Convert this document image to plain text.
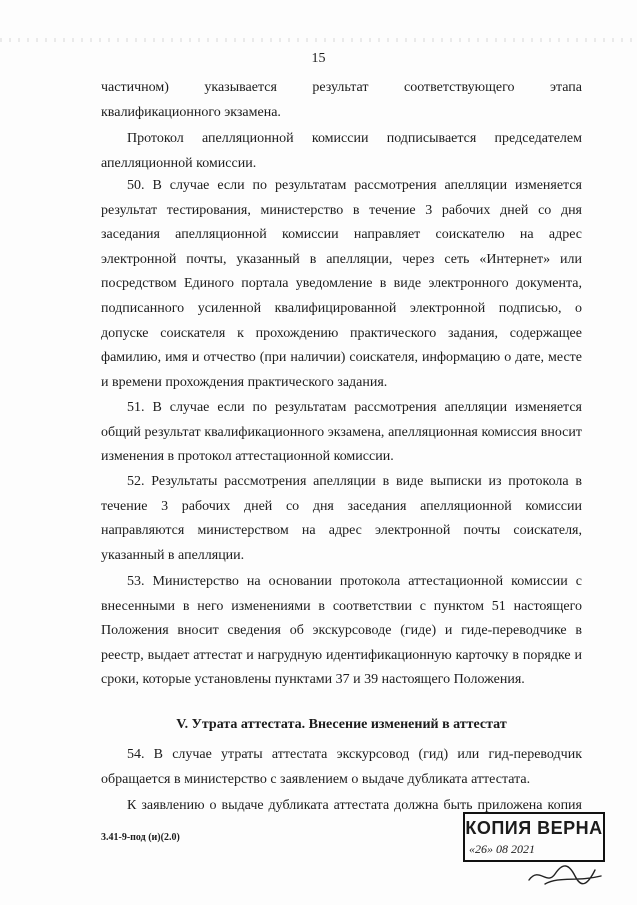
15

частичном) указывается результат соответствующего этапа

квалификационного экзамена.

Протокол апелляционной комиссии подписывается председателем апелляционной комиссии.

50. В случае если по результатам рассмотрения апелляции изменяется результат тестирования, министерство в течение 3 рабочих дней со дня заседания апелляционной комиссии направляет соискателю на адрес электронной почты, указанный в апелляции, через сеть «Интернет» или посредством Единого портала уведомление в виде электронного документа, подписанного усиленной квалифицированной электронной подписью, о допуске соискателя к прохождению практического задания, содержащее фамилию, имя и отчество (при наличии) соискателя, информацию о дате, месте и времени прохождения практического задания.

51. В случае если по результатам рассмотрения апелляции изменяется общий результат квалификационного экзамена, апелляционная комиссия вносит изменения в протокол аттестационной комиссии.

52. Результаты рассмотрения апелляции в виде выписки из протокола в течение 3 рабочих дней со дня заседания апелляционной комиссии направляются министерством на адрес электронной почты соискателя, указанный в апелляции.

53. Министерство на основании протокола аттестационной комиссии с внесенными в него изменениями в соответствии с пунктом 51 настоящего Положения вносит сведения об экскурсоводе (гиде) и гиде-переводчике в реестр, выдает аттестат и нагрудную идентификационную карточку в порядке и сроки, которые установлены пунктами 37 и 39 настоящего Положения.

V. Утрата аттестата. Внесение изменений в аттестат

54. В случае утраты аттестата экскурсовод (гид) или гид-переводчик обращается в министерство с заявлением о выдаче дубликата аттестата.

К заявлению о выдаче дубликата аттестата должна быть приложена копия

3.41-9-под (и)(2.0)	КОПИЯ ВЕРНА
«26» 08 2021
